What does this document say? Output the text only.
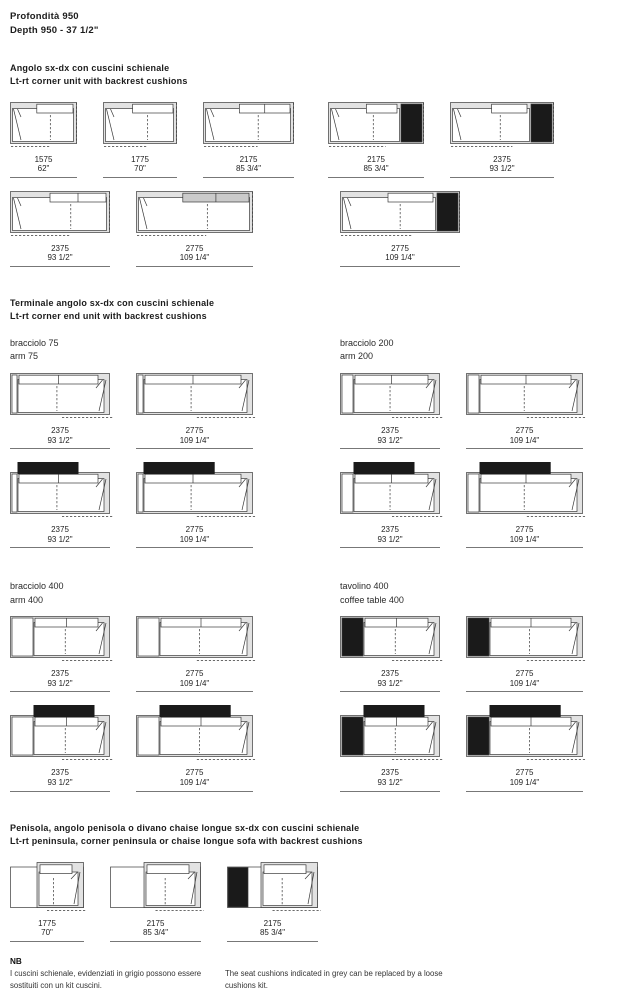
Profondità 950
Depth 950 - 37 1/2"
Angolo sx-dx con cuscini schienale
Lt-rt corner unit with backrest cushions
1575
62"
1775
70"
2175
85 3/4"
2175
85 3/4"
2375
93 1/2"
2375
93 1/2"
2775
109 1/4"
2775
109 1/4"
Terminale angolo sx-dx con cuscini schienale
Lt-rt corner end unit with backrest cushions
bracciolo 75
arm 75
bracciolo 200
arm 200
2375
93 1/2"
2775
109 1/4"
2375
93 1/2"
2775
109 1/4"
2375
93 1/2"
2775
109 1/4"
2375
93 1/2"
2775
109 1/4"
bracciolo 400
arm 400
tavolino 400
coffee table 400
2375
93 1/2"
2775
109 1/4"
2375
93 1/2"
2775
109 1/4"
2375
93 1/2"
2775
109 1/4"
2375
93 1/2"
2775
109 1/4"
Penisola, angolo penisola o divano chaise longue sx-dx con cuscini schienale
Lt-rt peninsula, corner peninsula or chaise longue sofa with backrest cushions
1775
70"
2175
85 3/4"
2175
85 3/4"
NB
I cuscini schienale, evidenziati in grigio possono essere sostituiti con un kit cuscini.
The seat cushions indicated in grey can be replaced by a loose cushions kit.
